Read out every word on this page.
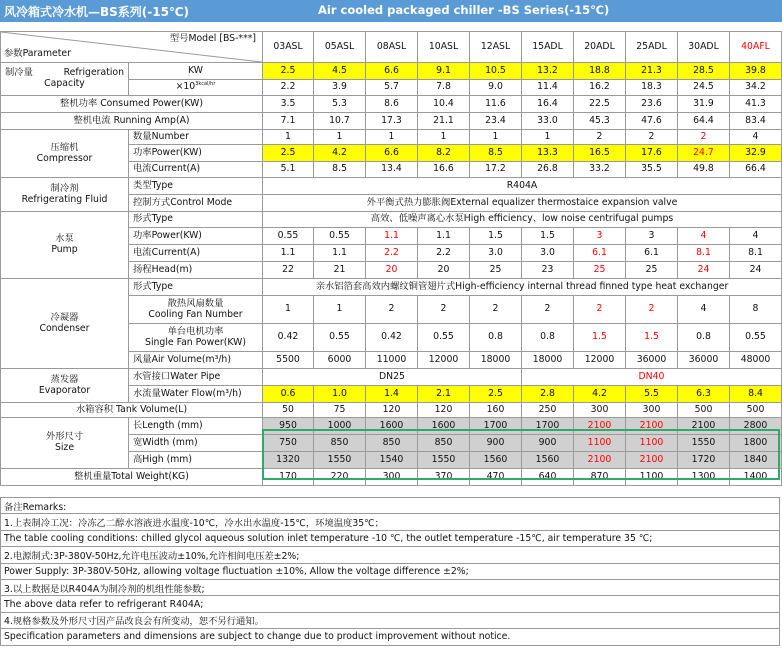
风冷箱式冷水机—BS系列(-15℃)	Air cooled packaged chiller -BS Series(-15℃)
型号Model [BS-***]
参数Parameter		03ASL	05ASL	08ASL	10ASL	12ASL	15ADL	20ADL	25ADL	30ADL	40AFL

制冷量 Refrigeration
Capacity	KW	2.5	4.5	6.6	9.1	10.5	13.2	18.8	21.3	28.5	39.8
	$\times 10^{3kcal/hr}$	2.2	3.9	5.7	7.8	9.0	11.4	16.2	18.3	24.5	34.2
整机功率 Consumed Power(KW)		3.5	5.3	8.6	10.4	11.6	16.4	22.5	23.6	31.9	41.3
整机电流 Running Amp(A)		7.1	10.7	17.3	21.1	23.4	33.0	45.3	47.6	64.4	83.4

压缩机
Compressor	数量Number	1	1	1	1	1	1	2	2	2	4
	功率Power(KW)	2.5	4.2	6.6	8.2	8.5	13.3	16.5	17.6	24.7	32.9
	电流Current(A)	5.1	8.5	13.4	16.6	17.2	26.8	33.2	35.5	49.8	66.4

制冷剂
Refrigerating Fluid	类型Type	R404A									
	控制方式Control Mode	外平衡式热力膨胀阀External equalizer thermostaice expansion valve									

水泵
Pump	形式Type	高效、低噪声离心水泵High efficiency、low noise centrifugal pumps									
	功率Power(KW)	0.55	0.55	1.1	1.1	1.5	1.5	3	3	4	4
	电流Current(A)	1.1	1.1	2.2	2.2	3.0	3.0	6.1	6.1	8.1	8.1
	扬程Head(m)	22	21	20	20	25	23	25	25	24	24

冷凝器
Condenser	形式Type	亲水铝箔套高效内螺纹铜管翅片式High-efficiency internal thread finned type heat exchanger									

	散热风扇数量
Cooling Fan Number	1	1	2	2	2	2	2	2	4	8

	单台电机功率
Single Fan Power(KW)	0.42	0.55	0.42	0.55	0.8	0.8	1.5	1.5	0.8	0.55
	风量Air Volume(m³/h)	5500	6000	11000	12000	18000	18000	12000	36000	36000	48000

蒸发器
Evaporator	水管接口Water Pipe	DN25					DN40				
	水流量Water Flow(m³/h)	0.6	1.0	1.4	2.1	2.5	2.8	4.2	5.5	6.3	8.4
水箱容积 Tank Volume(L)		50	75	120	120	160	250	300	300	500	500

外形尺寸
Size	长Length (mm)	950	1000	1600	1600	1700	1700	2100	2100	2100	2800
	宽Width (mm)	750	850	850	850	900	900	1100	1100	1550	1800
	高High (mm)	1320	1550	1540	1550	1560	1560	2100	2100	1720	1840
整机重量Total Weight(KG)		170	220	300	370	470	640	870	1100	1300	1400
备注Remarks:
1.上表制冷工况：冷冻乙二醇水溶液进水温度-10℃，冷水出水温度-15℃，环境温度35℃；
The table cooling conditions: chilled glycol aqueous solution inlet temperature -10 ℃, the outlet temperature -15℃, air temperature 35 ℃;
2.电源制式:3P-380V-50Hz,允许电压波动±10%,允许相间电压差±2%;
Power Supply: 3P-380V-50Hz, allowing voltage fluctuation ±10%, Allow the voltage difference ±2%;
3.以上数据是以R404A为制冷剂的机组性能参数;
The above data refer to refrigerant R404A;
4.规格参数及外形尺寸因产品改良会有所变动，恕不另行通知。
Specification parameters and dimensions are subject to change due to product improvement without notice.
